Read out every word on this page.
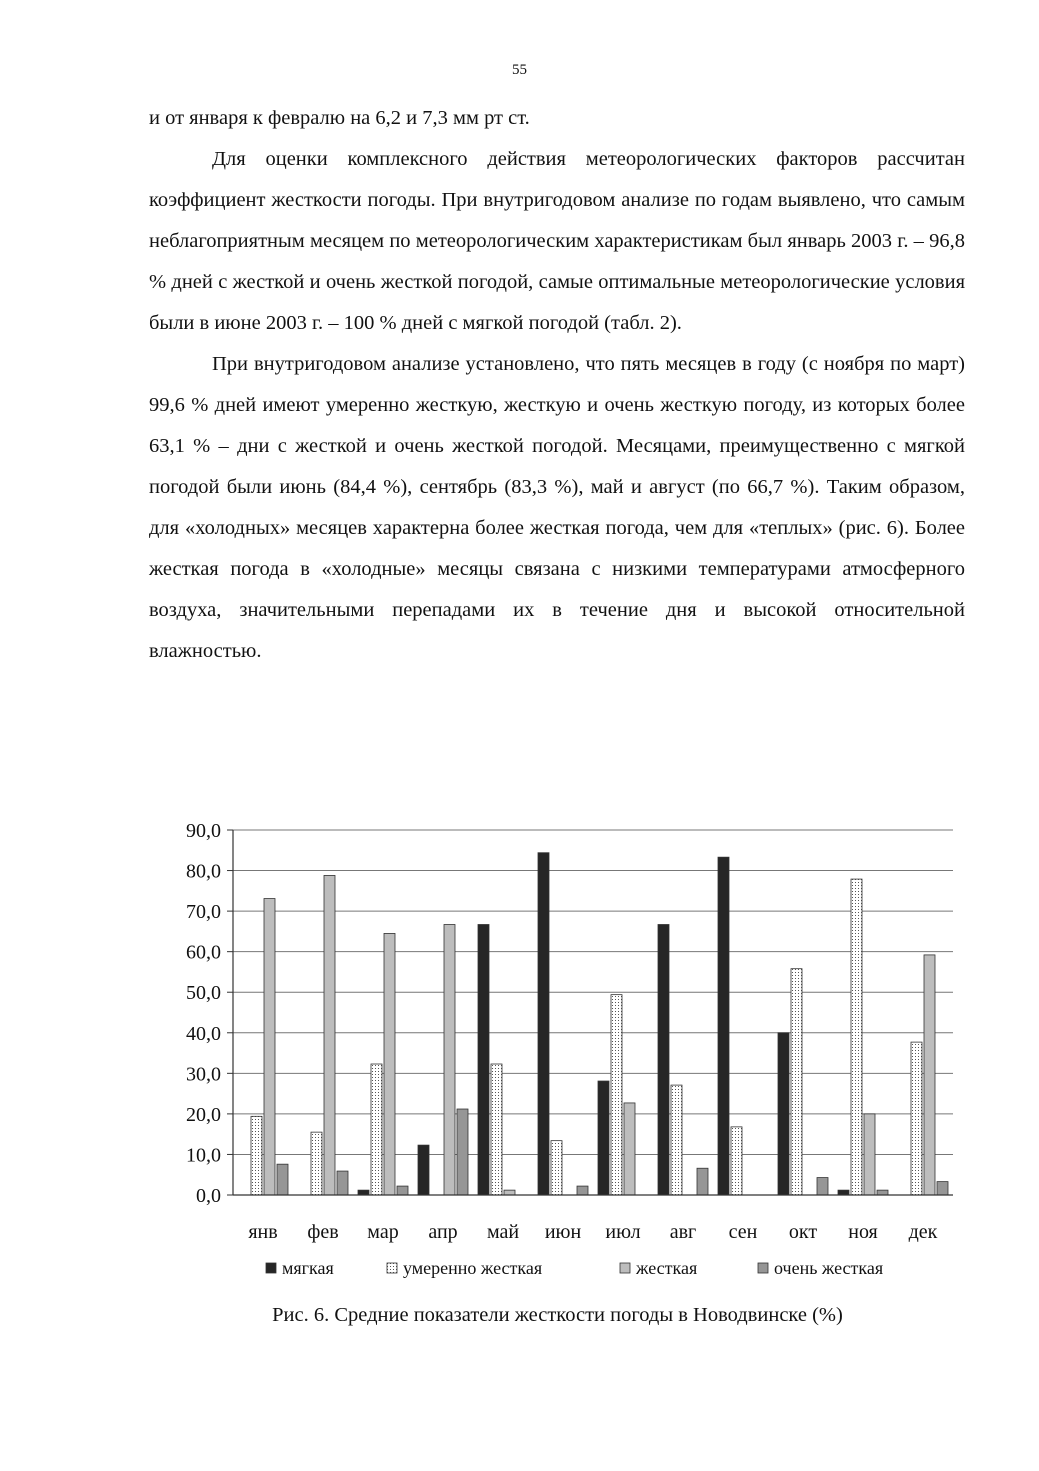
55

и от января к февралю на 6,2 и 7,3 мм рт ст.

Для оценки комплексного действия метеорологических факторов рассчитан коэффициент жесткости погоды. При внутригодовом анализе по годам выявлено, что самым неблагоприятным месяцем по метеорологическим характеристикам был январь 2003 г. – 96,8 % дней с жесткой и очень жесткой погодой, самые оптимальные метеорологические условия были в июне 2003 г. – 100 % дней с мягкой погодой (табл. 2).

При внутригодовом анализе установлено, что пять месяцев в году (с ноября по март) 99,6 % дней имеют умеренно жесткую, жесткую и очень жесткую погоду, из которых более 63,1 % – дни с жесткой и очень жесткой погодой. Месяцами, преимущественно с мягкой погодой были июнь (84,4 %), сентябрь (83,3 %), май и август (по 66,7 %). Таким образом, для «холодных» месяцев характерна более жесткая погода, чем для «теплых» (рис. 6). Более жесткая погода в «холодные» месяцы связана с низкими температурами атмосферного воздуха, значительными перепадами их в течение дня и высокой относительной влажностью.

0,0
10,0
20,0
30,0
40,0
50,0
60,0
70,0
80,0
90,0
янв фев мар апр май июн июл авг сен окт ноя дек
мягкая	умеренно жесткая	жесткая	очень жесткая
Рис. 6. Средние показатели жесткости погоды в Новодвинске (%)
